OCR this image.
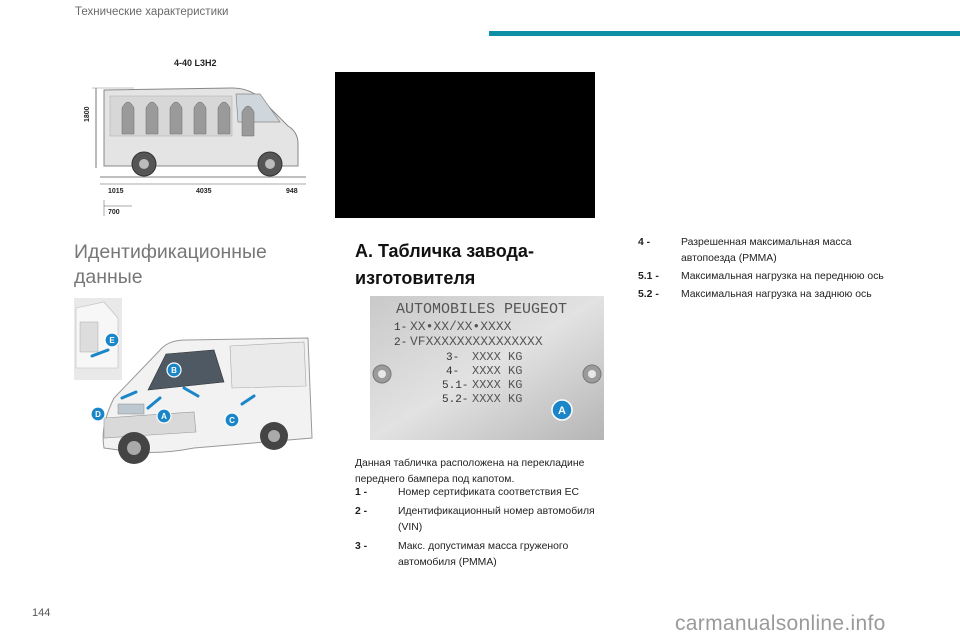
Технические характеристики
4-40 L3H2
1800
1015	4035	948
700
Идентификационные данные
E
B
D	A	C
A. Табличка завода-изготовителя
AUTOMOBILES PEUGEOT
1- XX•XX/XX•XXXX
2- VFXXXXXXXXXXXXXXX
3- XXXX KG
4- XXXX KG
5.1- XXXX KG
5.2- XXXX KG
A
Данная табличка расположена на перекладине переднего бампера под капотом.
1 -	Номер сертификата соответствия ЕС
2 -	Идентификационный номер автомобиля (VIN)
3 -	Макс. допустимая масса груженого автомобиля (РММА)
4 -	Разрешенная максимальная масса автопоезда (РММА)
5.1 -	Максимальная нагрузка на переднюю ось
5.2 -	Максимальная нагрузка на заднюю ось
144	carmanualsonline.info
